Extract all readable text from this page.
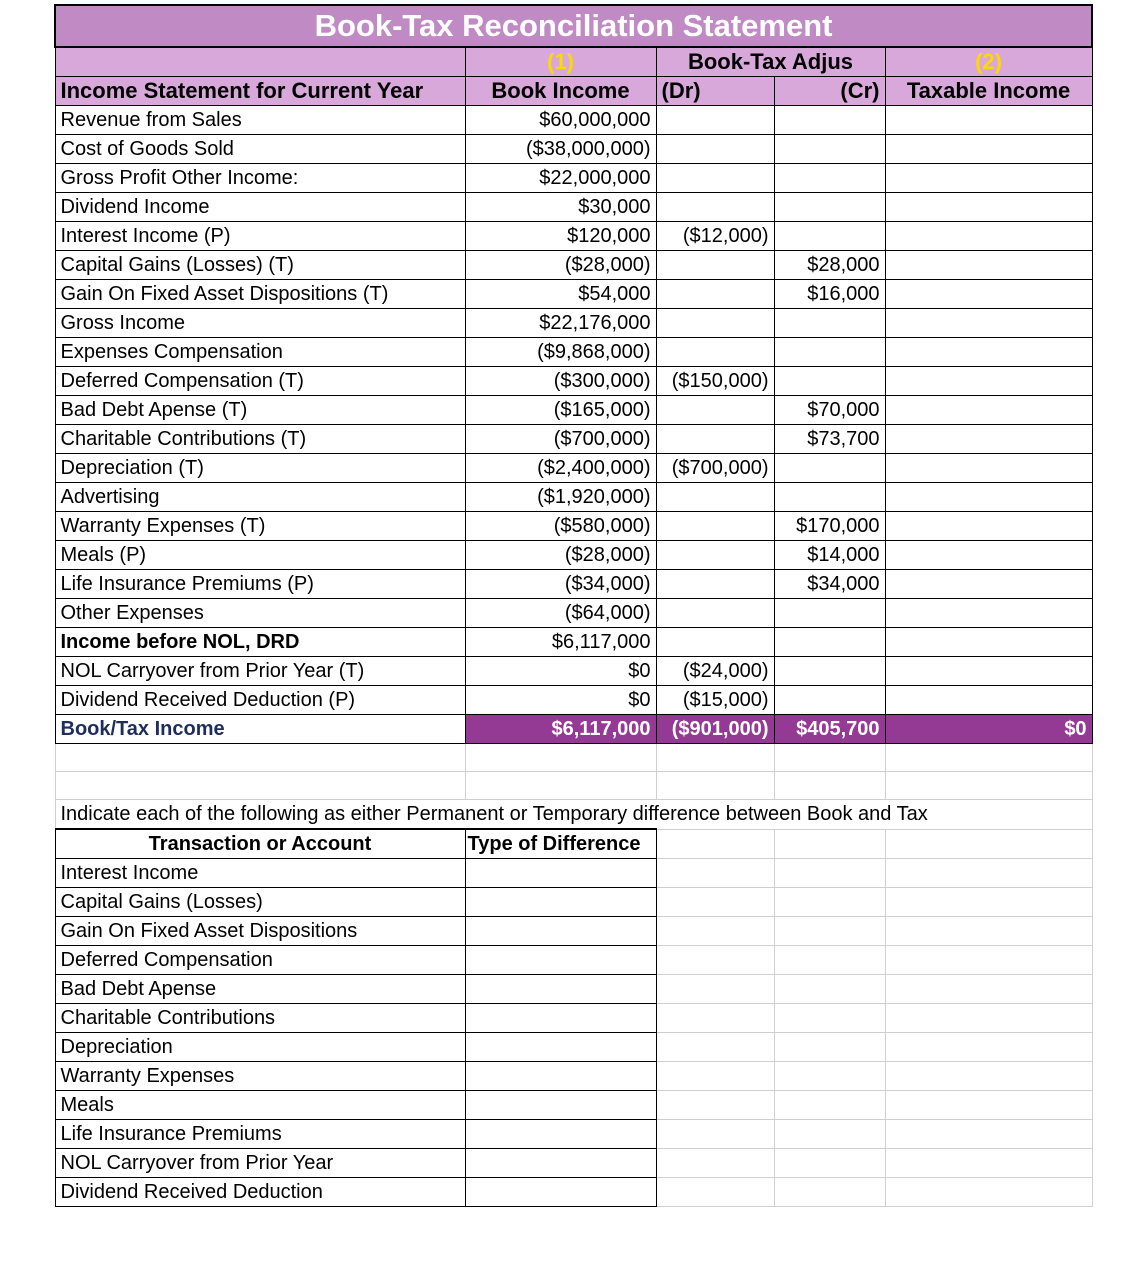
Book-Tax Reconciliation Statement				
	(1)	Book-Tax Adjus		(2)
Income Statement for Current Year	Book Income	(Dr)	(Cr)	Taxable Income
Revenue from Sales	$60,000,000			
Cost of Goods Sold	($38,000,000)			
Gross Profit Other Income:	$22,000,000			
Dividend Income	$30,000			
Interest Income (P)	$120,000	($12,000)		
Capital Gains (Losses) (T)	($28,000)		$28,000	
Gain On Fixed Asset Dispositions (T)	$54,000		$16,000	
Gross Income	$22,176,000			
Expenses Compensation	($9,868,000)			
Deferred Compensation (T)	($300,000)	($150,000)		
Bad Debt Apense (T)	($165,000)		$70,000	
Charitable Contributions (T)	($700,000)		$73,700	
Depreciation (T)	($2,400,000)	($700,000)		
Advertising	($1,920,000)			
Warranty Expenses (T)	($580,000)		$170,000	
Meals (P)	($28,000)		$14,000	
Life Insurance Premiums (P)	($34,000)		$34,000	
Other Expenses	($64,000)			
Income before NOL, DRD	$6,117,000			
NOL Carryover from Prior Year (T)	$0	($24,000)		
Dividend Received Deduction (P)	$0	($15,000)		
Book/Tax Income	$6,117,000	($901,000)	$405,700	$0

Indicate each of the following as either Permanent or Temporary difference between Book and Tax				
Transaction or Account	Type of Difference			
Interest Income				
Capital Gains (Losses)				
Gain On Fixed Asset Dispositions				
Deferred Compensation				
Bad Debt Apense				
Charitable Contributions				
Depreciation				
Warranty Expenses				
Meals				
Life Insurance Premiums				
NOL Carryover from Prior Year				
Dividend Received Deduction				
